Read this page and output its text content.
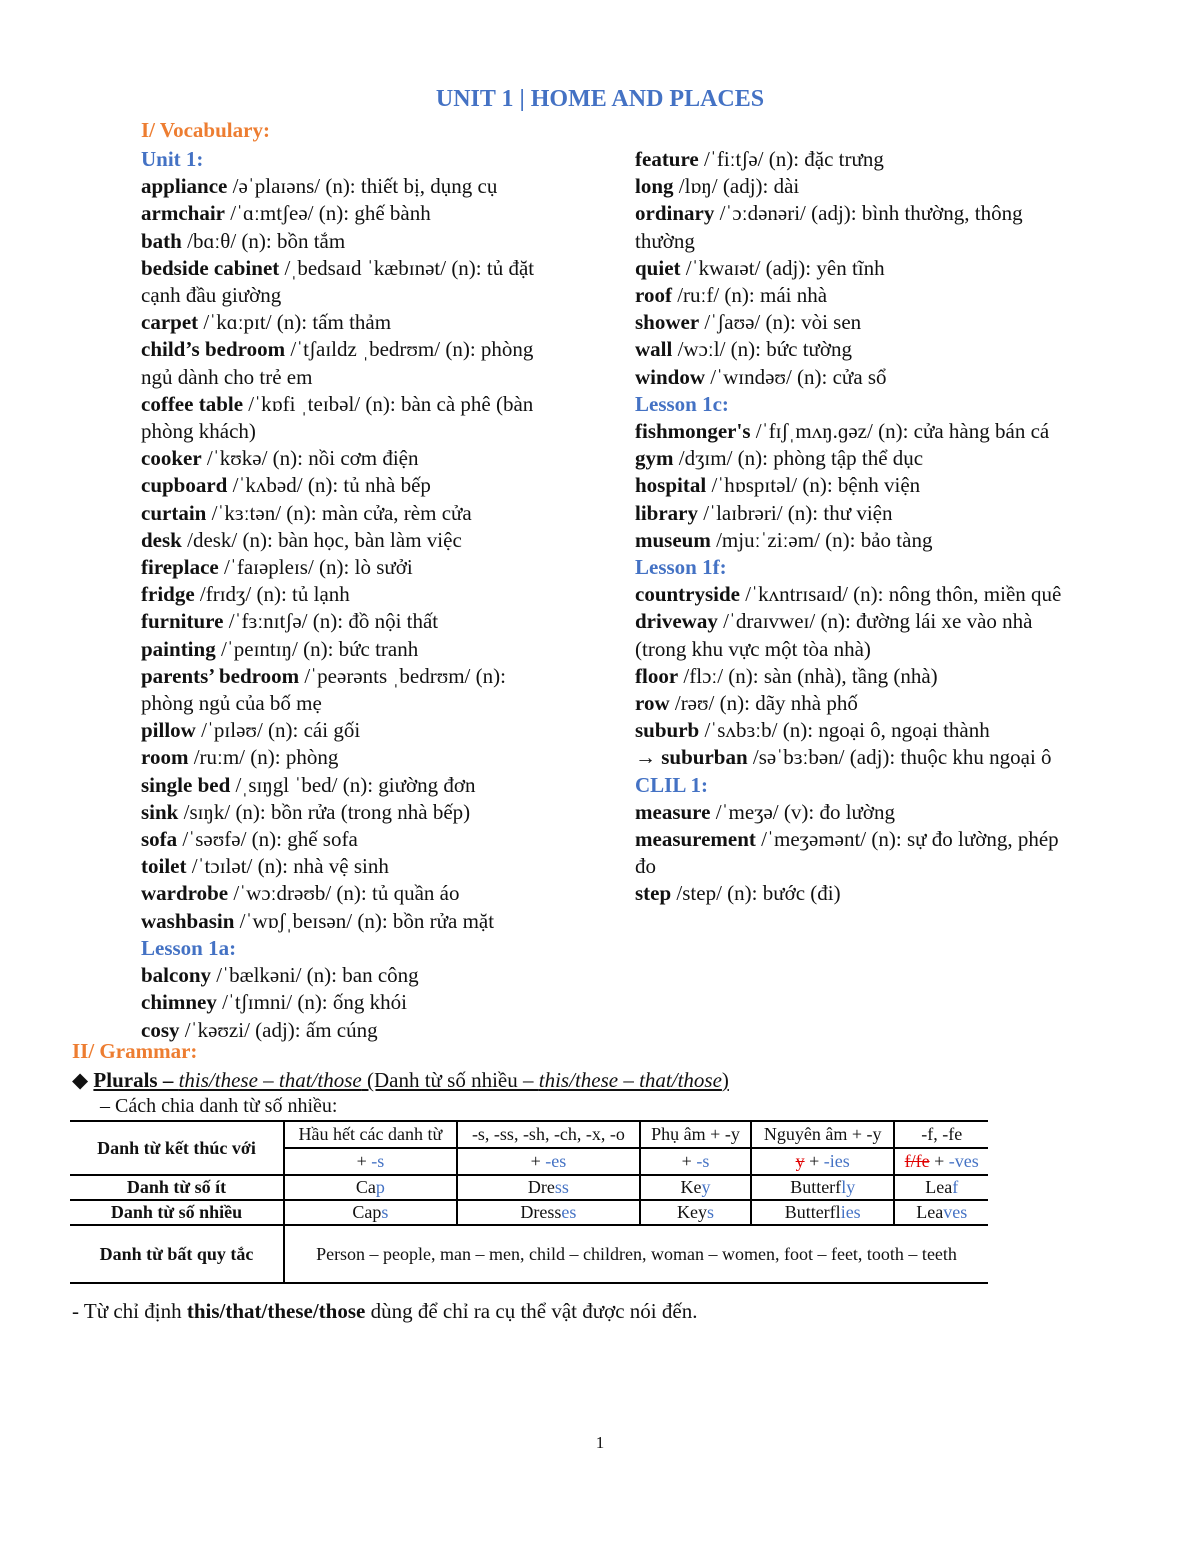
UNIT 1 | HOME AND PLACES
I/ Vocabulary:
Unit 1:
appliance /əˈplaɪəns/ (n): thiết bị, dụng cụ
armchair /ˈɑːmtʃeə/ (n): ghế bành
bath /bɑːθ/ (n): bồn tắm
bedside cabinet /ˌbedsaɪd ˈkæbɪnət/ (n): tủ đặt cạnh đầu giường
carpet /ˈkɑːpɪt/ (n): tấm thảm
child’s bedroom /ˈtʃaɪldz ˌbedrʊm/ (n): phòng ngủ dành cho trẻ em
coffee table /ˈkɒfi ˌteɪbəl/ (n): bàn cà phê (bàn phòng khách)
cooker /ˈkʊkə/ (n): nồi cơm điện
cupboard /ˈkʌbəd/ (n): tủ nhà bếp
curtain /ˈkɜːtən/ (n): màn cửa, rèm cửa
desk /desk/ (n): bàn học, bàn làm việc
fireplace /ˈfaɪəpleɪs/ (n): lò sưởi
fridge /frɪdʒ/ (n): tủ lạnh
furniture /ˈfɜːnɪtʃə/ (n): đồ nội thất
painting /ˈpeɪntɪŋ/ (n): bức tranh
parents’ bedroom /ˈpeərənts ˌbedrʊm/ (n): phòng ngủ của bố mẹ
pillow /ˈpɪləʊ/ (n): cái gối
room /ruːm/ (n): phòng
single bed /ˌsɪŋgl ˈbed/ (n): giường đơn
sink /sɪŋk/ (n): bồn rửa (trong nhà bếp)
sofa /ˈsəʊfə/ (n): ghế sofa
toilet /ˈtɔɪlət/ (n): nhà vệ sinh
wardrobe /ˈwɔːdrəʊb/ (n): tủ quần áo
washbasin /ˈwɒʃˌbeɪsən/ (n): bồn rửa mặt
Lesson 1a:
balcony /ˈbælkəni/ (n): ban công
chimney /ˈtʃɪmni/ (n): ống khói
cosy /ˈkəʊzi/ (adj): ấm cúng
feature /ˈfiːtʃə/ (n): đặc trưng
long /lɒŋ/ (adj): dài
ordinary /ˈɔːdənəri/ (adj): bình thường, thông thường
quiet /ˈkwaɪət/ (adj): yên tĩnh
roof /ruːf/ (n): mái nhà
shower /ˈʃaʊə/ (n): vòi sen
wall /wɔːl/ (n): bức tường
window /ˈwɪndəʊ/ (n): cửa sổ
Lesson 1c:
fishmonger's /ˈfɪʃˌmʌŋ.ɡəz/ (n): cửa hàng bán cá
gym /dʒɪm/ (n): phòng tập thể dục
hospital /ˈhɒspɪtəl/ (n): bệnh viện
library /ˈlaɪbrəri/ (n): thư viện
museum /mjuːˈziːəm/ (n): bảo tàng
Lesson 1f:
countryside /ˈkʌntrɪsaɪd/ (n): nông thôn, miền quê
driveway /ˈdraɪvweɪ/ (n): đường lái xe vào nhà (trong khu vực một tòa nhà)
floor /flɔː/ (n): sàn (nhà), tầng (nhà)
row /rəʊ/ (n): dãy nhà phố
suburb /ˈsʌbɜːb/ (n): ngoại ô, ngoại thành
→ suburban /səˈbɜːbən/ (adj): thuộc khu ngoại ô
CLIL 1:
measure /ˈmeʒə/ (v): đo lường
measurement /ˈmeʒəmənt/ (n): sự đo lường, phép đo
step /step/ (n): bước (đi)
II/ Grammar:
◆ Plurals – this/these – that/those (Danh từ số nhiều – this/these – that/those)
– Cách chia danh từ số nhiều:
Danh từ kết thúc với	Hầu hết các danh từ	-s, -ss, -sh, -ch, -x, -o	Phụ âm + -y	Nguyên âm + -y	-f, -fe
	+ -s	+ -es	+ -s	y + -ies	f/fe + -ves
Danh từ số ít	Cap	Dress	Key	Butterfly	Leaf
Danh từ số nhiều	Caps	Dresses	Keys	Butterflies	Leaves
Danh từ bất quy tắc	Person – people, man – men, child – children, woman – women, foot – feet, tooth – teeth				
- Từ chỉ định this/that/these/those dùng để chỉ ra cụ thể vật được nói đến.
1
